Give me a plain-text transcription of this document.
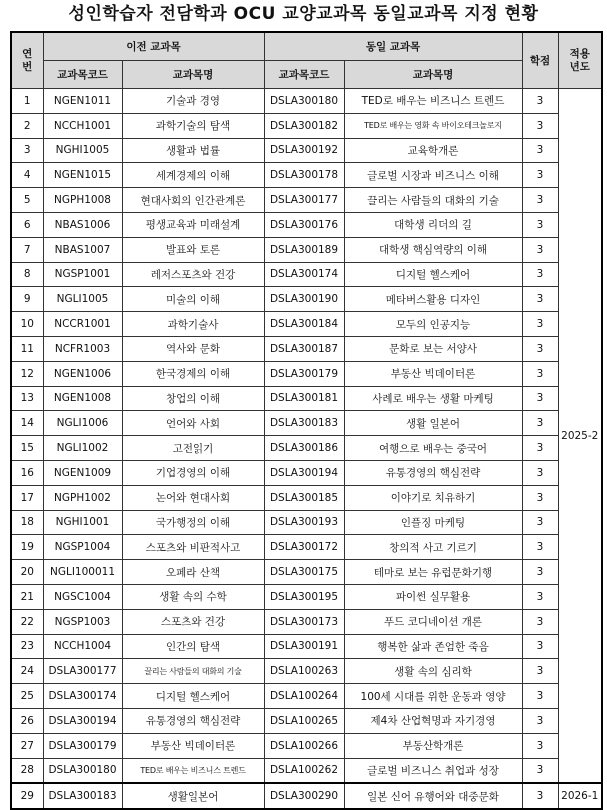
성인학습자 전담학과 OCU 교양교과목 동일교과목 지정 현황
연번	이전 교과목		동일 교과목		학점	적용년도
	교과목코드	교과목명	교과목코드	교과목명		
1	NGEN1011	기술과 경영	DSLA300180	TED로 배우는 비즈니스 트렌드	3	2025-2
2	NCCH1001	과학기술의 탐색	DSLA300182	TED로 배우는 영화 속 바이오테크놀로지	3	
3	NGHI1005	생활과 법률	DSLA300192	교육학개론	3	
4	NGEN1015	세계경제의 이해	DSLA300178	글로벌 시장과 비즈니스 이해	3	
5	NGPH1008	현대사회의 인간관계론	DSLA300177	끌리는 사람들의 대화의 기술	3	
6	NBAS1006	평생교육과 미래설계	DSLA300176	대학생 리더의 길	3	
7	NBAS1007	발표와 토론	DSLA300189	대학생 핵심역량의 이해	3	
8	NGSP1001	레저스포츠와 건강	DSLA300174	디지털 헬스케어	3	
9	NGLI1005	미술의 이해	DSLA300190	메타버스활용 디자인	3	
10	NCCR1001	과학기술사	DSLA300184	모두의 인공지능	3	
11	NCFR1003	역사와 문화	DSLA300187	문화로 보는 서양사	3	
12	NGEN1006	한국경제의 이해	DSLA300179	부동산 빅데이터론	3	
13	NGEN1008	창업의 이해	DSLA300181	사례로 배우는 생활 마케팅	3	
14	NGLI1006	언어와 사회	DSLA300183	생활 일본어	3	
15	NGLI1002	고전읽기	DSLA300186	여행으로 배우는 중국어	3	
16	NGEN1009	기업경영의 이해	DSLA300194	유통경영의 핵심전략	3	
17	NGPH1002	논어와 현대사회	DSLA300185	이야기로 치유하기	3	
18	NGHI1001	국가행정의 이해	DSLA300193	인플징 마케팅	3	
19	NGSP1004	스포츠와 비판적사고	DSLA300172	창의적 사고 기르기	3	
20	NGLI100011	오페라 산책	DSLA300175	테마로 보는 유럽문화기행	3	
21	NGSC1004	생활 속의 수학	DSLA300195	파이썬 실무활용	3	
22	NGSP1003	스포츠와 건강	DSLA300173	푸드 코디네이션 개론	3	
23	NCCH1004	인간의 탐색	DSLA300191	행복한 삶과 존엄한 죽음	3	
24	DSLA300177	끌리는 사람들의 대화의 기술	DSLA100263	생활 속의 심리학	3	
25	DSLA300174	디지털 헬스케어	DSLA100264	100세 시대를 위한 운동과 영양	3	
26	DSLA300194	유통경영의 핵심전략	DSLA100265	제4차 산업혁명과 자기경영	3	
27	DSLA300179	부동산 빅데이터론	DSLA100266	부동산학개론	3	
28	DSLA300180	TED로 배우는 비즈니스 트렌드	DSLA100262	글로벌 비즈니스 취업과 성장	3	
29	DSLA300183	생활일본어	DSLA300290	일본 신어 유행어와 대중문화	3	2026-1
